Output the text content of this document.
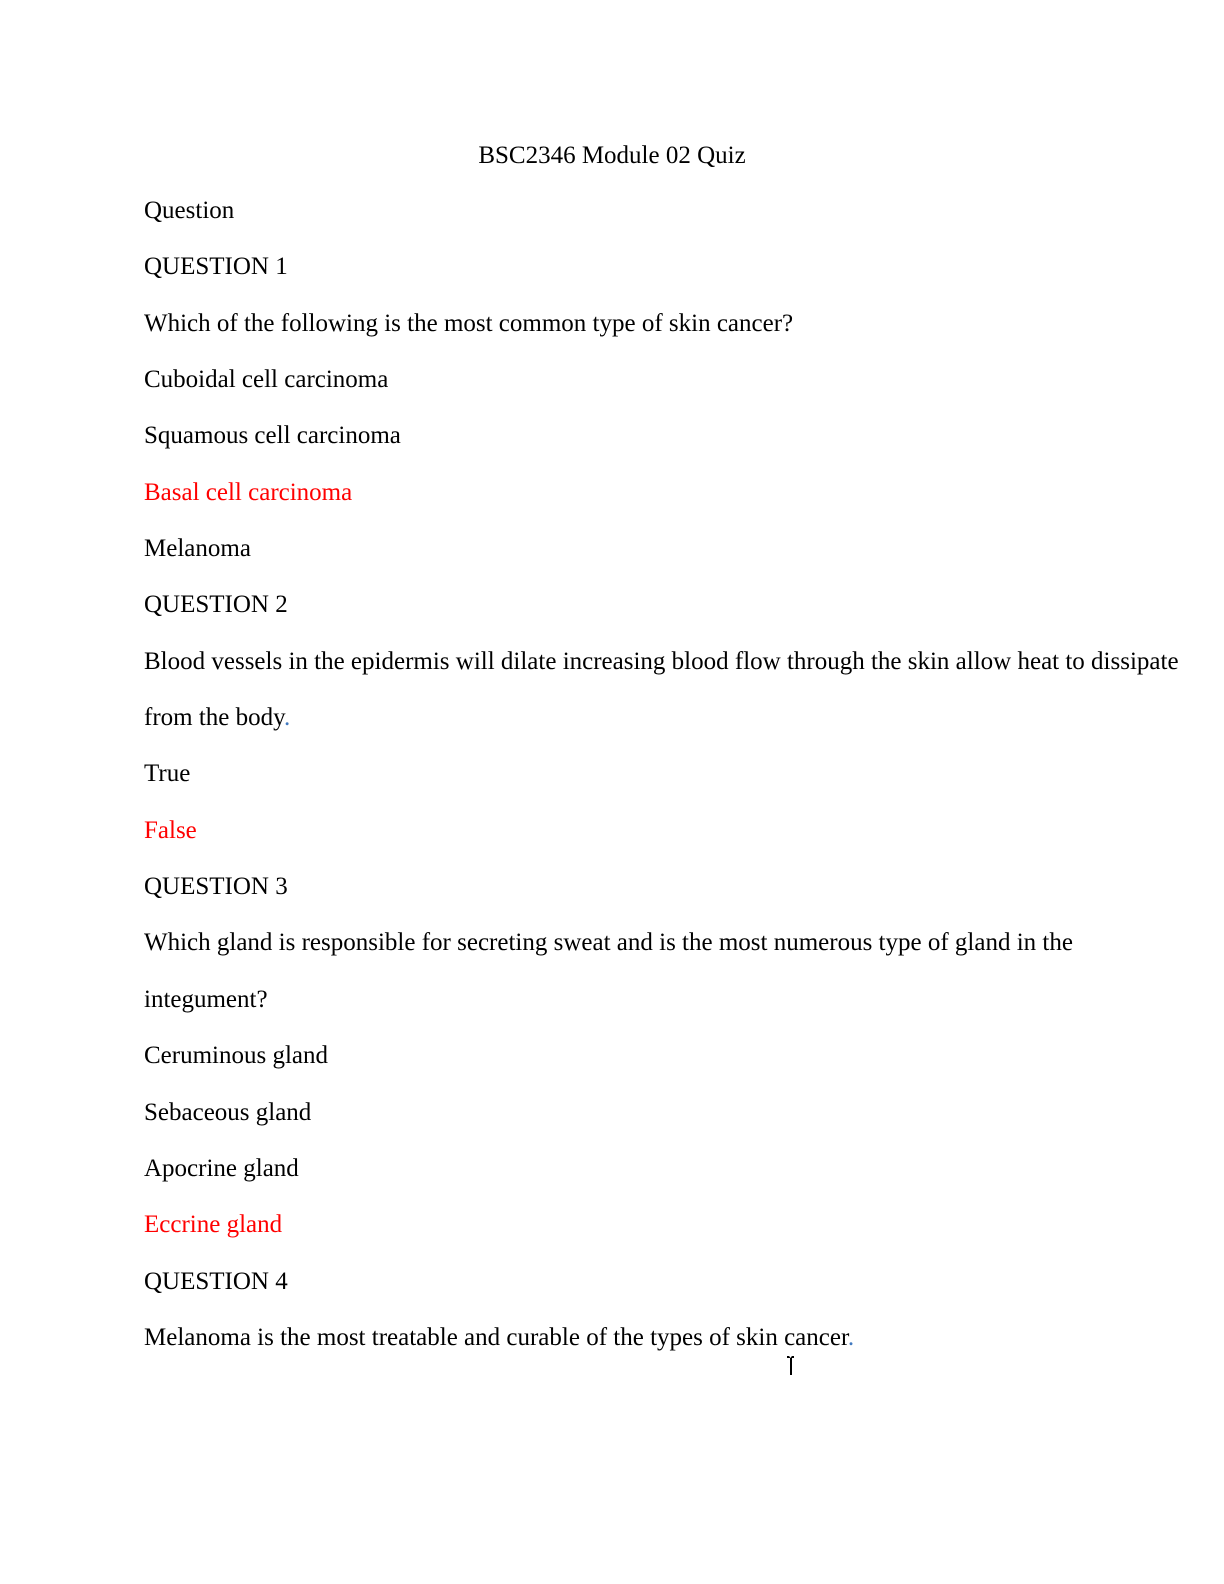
BSC2346 Module 02 Quiz

Question

QUESTION 1

Which of the following is the most common type of skin cancer?

Cuboidal cell carcinoma

Squamous cell carcinoma

Basal cell carcinoma

Melanoma

QUESTION 2

Blood vessels in the epidermis will dilate increasing blood flow through the skin allow heat to dissipate

from the body.

True

False

QUESTION 3

Which gland is responsible for secreting sweat and is the most numerous type of gland in the

integument?

Ceruminous gland

Sebaceous gland

Apocrine gland

Eccrine gland

QUESTION 4

Melanoma is the most treatable and curable of the types of skin cancer.
